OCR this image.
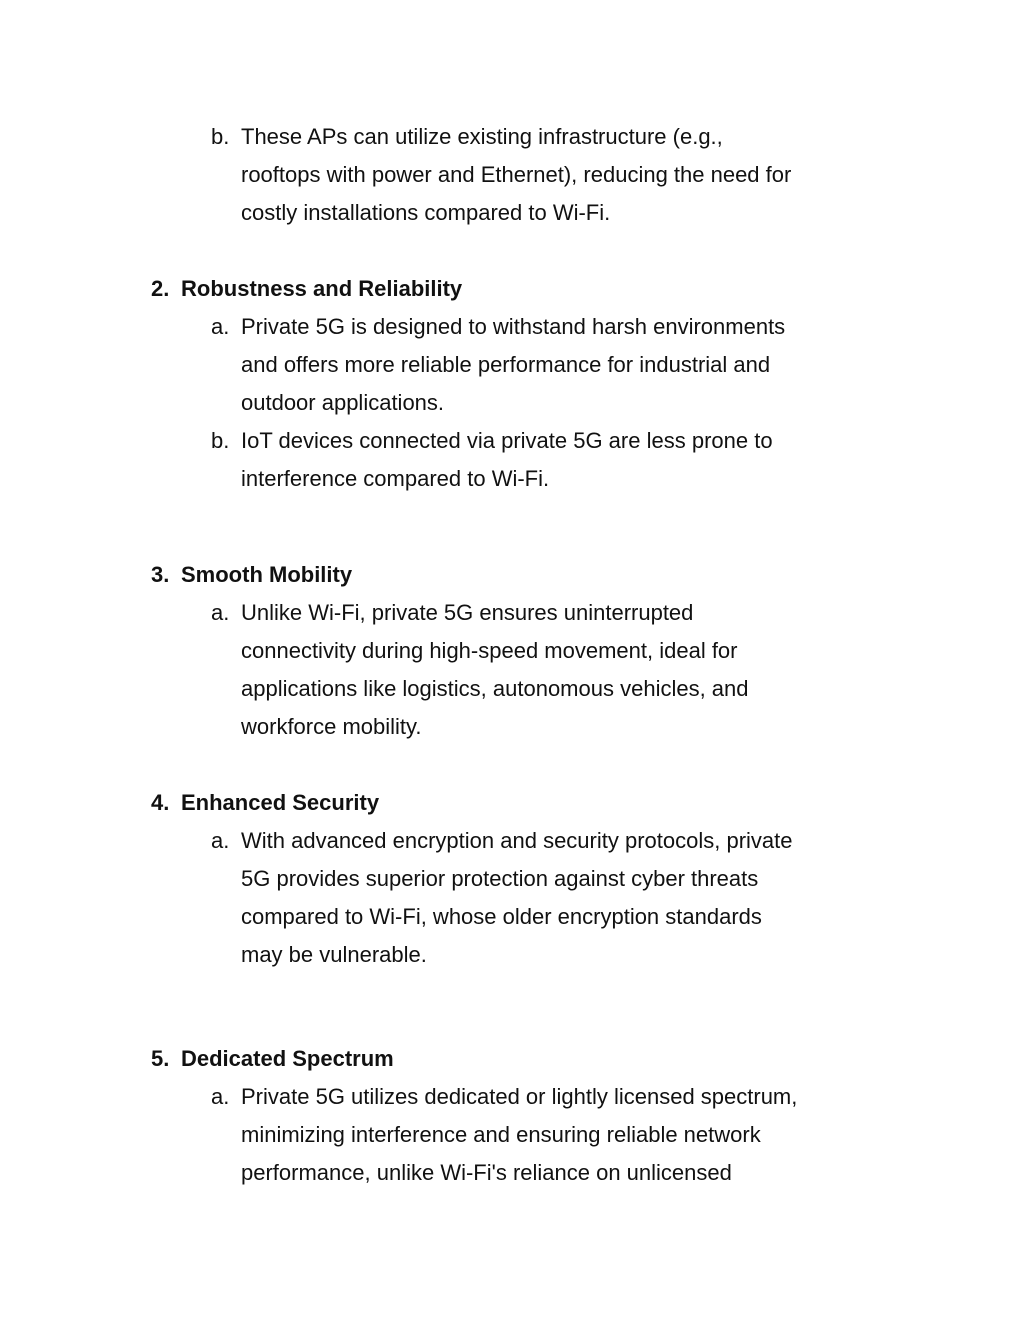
b. These APs can utilize existing infrastructure (e.g.,
rooftops with power and Ethernet), reducing the need for
costly installations compared to Wi-Fi.
2. Robustness and Reliability
a. Private 5G is designed to withstand harsh environments
and offers more reliable performance for industrial and
outdoor applications.
b. IoT devices connected via private 5G are less prone to
interference compared to Wi-Fi.
3. Smooth Mobility
a. Unlike Wi-Fi, private 5G ensures uninterrupted
connectivity during high-speed movement, ideal for
applications like logistics, autonomous vehicles, and
workforce mobility.
4. Enhanced Security
a. With advanced encryption and security protocols, private
5G provides superior protection against cyber threats
compared to Wi-Fi, whose older encryption standards
may be vulnerable.
5. Dedicated Spectrum
a. Private 5G utilizes dedicated or lightly licensed spectrum,
minimizing interference and ensuring reliable network
performance, unlike Wi-Fi's reliance on unlicensed
